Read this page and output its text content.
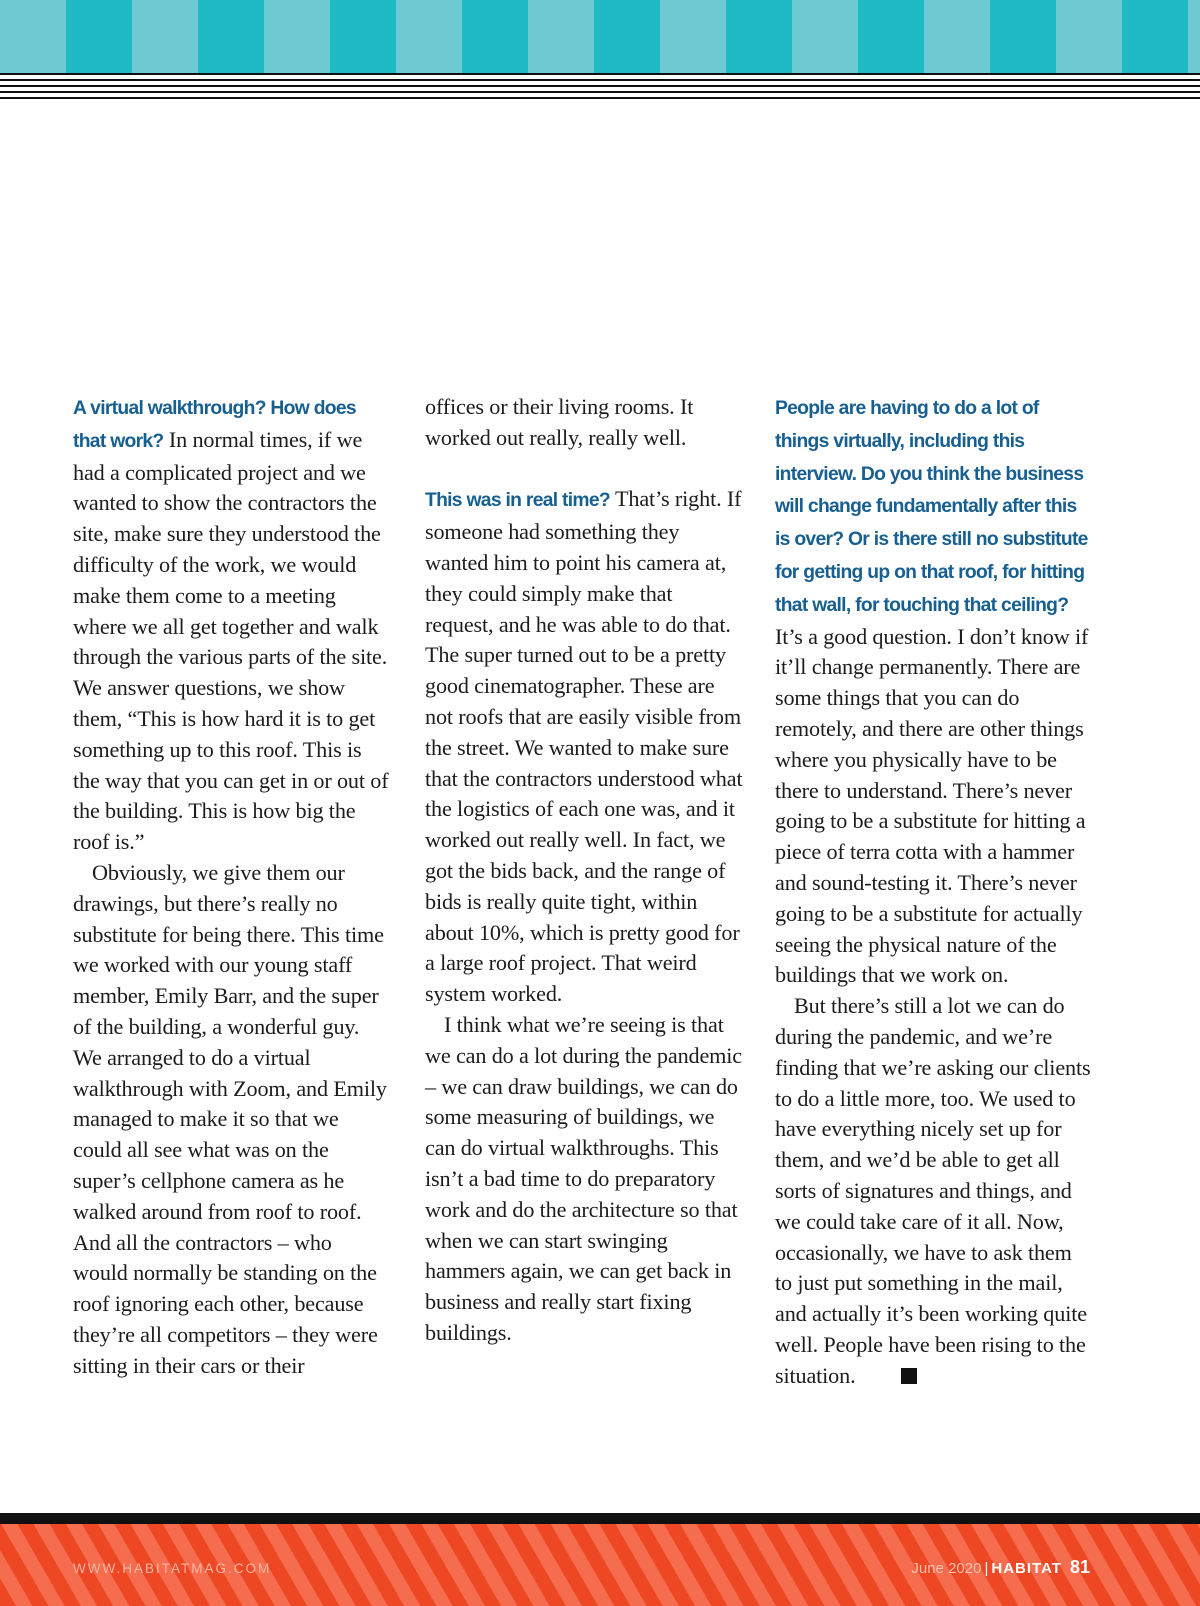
A virtual walkthrough? How does that work? In normal times, if we had a complicated project and we wanted to show the contractors the site, make sure they understood the difficulty of the work, we would make them come to a meeting where we all get together and walk through the various parts of the site. We answer questions, we show them, “This is how hard it is to get something up to this roof. This is the way that you can get in or out of the building. This is how big the roof is.”

Obviously, we give them our drawings, but there’s really no substitute for being there. This time we worked with our young staff member, Emily Barr, and the super of the building, a wonderful guy. We arranged to do a virtual walkthrough with Zoom, and Emily managed to make it so that we could all see what was on the super’s cellphone camera as he walked around from roof to roof. And all the contractors – who would normally be standing on the roof ignoring each other, because they’re all competitors – they were sitting in their cars or their

offices or their living rooms. It worked out really, really well.

This was in real time? That’s right. If someone had something they wanted him to point his camera at, they could simply make that request, and he was able to do that. The super turned out to be a pretty good cinematographer. These are not roofs that are easily visible from the street. We wanted to make sure that the contractors understood what the logistics of each one was, and it worked out really well. In fact, we got the bids back, and the range of bids is really quite tight, within about 10%, which is pretty good for a large roof project. That weird system worked.

I think what we’re seeing is that we can do a lot during the pandemic – we can draw buildings, we can do some measuring of buildings, we can do virtual walkthroughs. This isn’t a bad time to do preparatory work and do the architecture so that when we can start swinging hammers again, we can get back in business and really start fixing buildings.

People are having to do a lot of things virtually, including this interview. Do you think the business will change fundamentally after this is over? Or is there still no substitute for getting up on that roof, for hitting that wall, for touching that ceiling?It’s a good question. I don’t know if it’ll change permanently. There are some things that you can do remotely, and there are other things where you physically have to be there to understand. There’s never going to be a substitute for hitting a piece of terra cotta with a hammer and sound-testing it. There’s never going to be a substitute for actually seeing the physical nature of the buildings that we work on.

But there’s still a lot we can do during the pandemic, and we’re finding that we’re asking our clients to do a little more, too. We used to have everything nicely set up for them, and we’d be able to get all sorts of signatures and things, and we could take care of it all. Now, occasionally, we have to ask them to just put something in the mail, and actually it’s been working quite well. People have been rising to the situation.

WWW.HABITATMAG.COM	June 2020 | HABITAT 81
